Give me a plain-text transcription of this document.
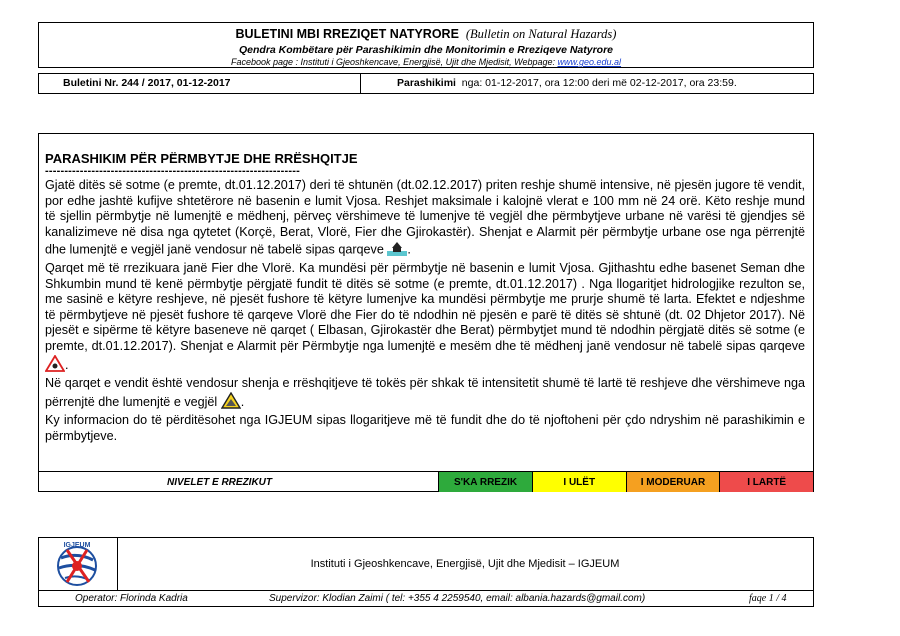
BULETINI MBI RREZIQET NATYRORE (Bulletin on Natural Hazards)
Qendra Kombëtare për Parashikimin dhe Monitorimin e Rreziqeve Natyrore
Facebook page : Instituti i Gjeoshkencave, Energjisë, Ujit dhe Mjedisit, Webpage: www.geo.edu.al
Buletini Nr. 244 / 2017, 01-12-2017	Parashikimi nga: 01-12-2017, ora 12:00 deri më 02-12-2017, ora 23:59.
PARASHIKIM PËR PËRMBYTJE DHE RRËSHQITJE
------------------------------------------------------------------

Gjatë ditës së sotme (e premte, dt.01.12.2017) deri të shtunën (dt.02.12.2017) priten reshje shumë intensive, në pjesën jugore të vendit, por edhe jashtë kufijve shtetërore në basenin e lumit Vjosa. Reshjet maksimale i kalojnë vlerat e 100 mm në 24 orë. Këto reshje mund të sjellin përmbytje në lumenjtë e mëdhenj, përveç vërshimeve të lumenjve të vegjël dhe përmbytjeve urbane në varësi të gjendjes së kanalizimeve në disa nga qytetet (Korçë, Berat, Vlorë, Fier dhe Gjirokastër). Shenjat e Alarmit për përmbytje urbane ose nga përrenjtë dhe lumenjtë e vegjël janë vendosur në tabelë sipas qarqeve .

Qarqet më të rrezikuara janë Fier dhe Vlorë. Ka mundësi për përmbytje në basenin e lumit Vjosa. Gjithashtu edhe basenet Seman dhe Shkumbin mund të kenë përmbytje përgjatë fundit të ditës së sotme (e premte, dt.01.12.2017) . Nga llogaritjet hidrologjike rezulton se, me sasinë e këtyre reshjeve, në pjesët fushore të këtyre lumenjve ka mundësi përmbytje me prurje shumë të larta. Efektet e ndjeshme të përmbytjeve në pjesët fushore të qarqeve Vlorë dhe Fier do të ndodhin në pjesën e parë të ditës së shtunë (dt. 02 Dhjetor 2017). Në pjesët e sipërme të këtyre baseneve në qarqet ( Elbasan, Gjirokastër dhe Berat) përmbytjet mund të ndodhin përgjatë ditës së sotme (e premte, dt.01.12.2017). Shenjat e Alarmit për Përmbytje nga lumenjtë e mesëm dhe të mëdhenj janë vendosur në tabelë sipas qarqeve .

Në qarqet e vendit është vendosur shenja e rrëshqitjeve të tokës për shkak të intensitetit shumë të lartë të reshjeve dhe vërshimeve nga përrenjtë dhe lumenjtë e vegjël .

Ky informacion do të përditësohet nga IGJEUM sipas llogaritjeve më të fundit dhe do të njoftoheni për çdo ndryshim në parashikimin e përmbytjeve.

NIVELET E RREZIKUT	S'KA RREZIK	I ULËT	I MODERUAR	I LARTË
IGJEUM
Instituti i Gjeoshkencave, Energjisë, Ujit dhe Mjedisit – IGJEUM
Operator: Florinda Kadria	Supervizor: Klodian Zaimi ( tel: +355 4 2259540, email: albania.hazards@gmail.com)	faqe 1 / 4
